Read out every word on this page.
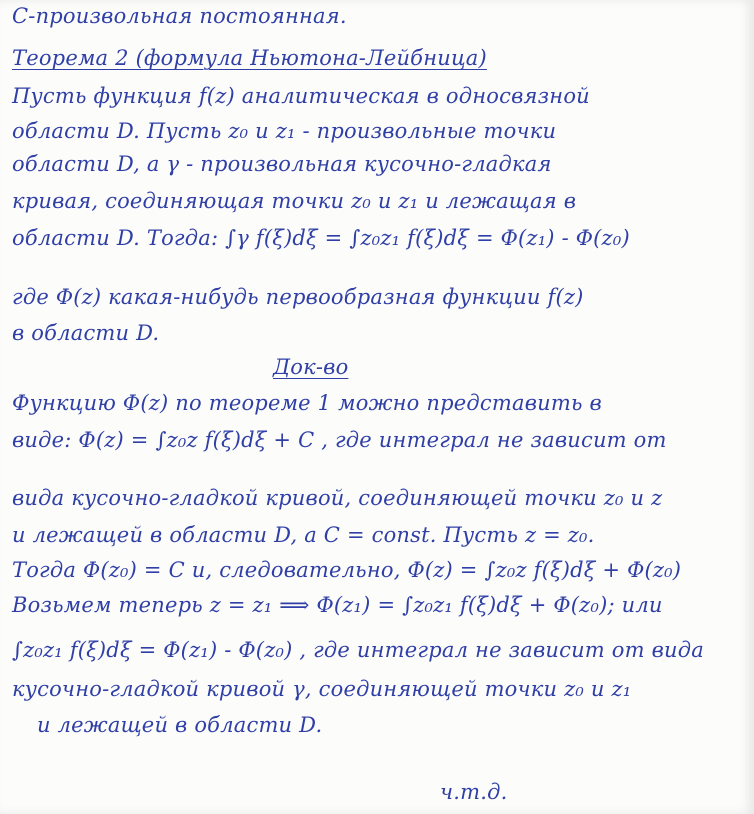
C-произвольная постоянная.
Теорема 2 (формула Ньютона-Лейбница)
Пусть функция f(z) аналитическая в односвязной
области D. Пусть z₀ и z₁ - произвольные точки
области D, а γ - произвольная кусочно-гладкая
кривая, соединяющая точки z₀ и z₁ и лежащая в
области D. Тогда: ∫γ f(ξ)dξ = ∫z₀z₁ f(ξ)dξ = Φ(z₁) - Φ(z₀)
где Φ(z) какая-нибудь первообразная функции f(z)
в области D.
Док-во
Функцию Φ(z) по теореме 1 можно представить в
виде: Φ(z) = ∫z₀z f(ξ)dξ + C , где интеграл не зависит от
вида кусочно-гладкой кривой, соединяющей точки z₀ и z
и лежащей в области D, а C = const. Пусть z = z₀.
Тогда Φ(z₀) = C и, следовательно, Φ(z) = ∫z₀z f(ξ)dξ + Φ(z₀)
Возьмем теперь z = z₁ ⟹ Φ(z₁) = ∫z₀z₁ f(ξ)dξ + Φ(z₀); или
∫z₀z₁ f(ξ)dξ = Φ(z₁) - Φ(z₀) , где интеграл не зависит от вида
кусочно-гладкой кривой γ, соединяющей точки z₀ и z₁
и лежащей в области D.
ч.т.д.
